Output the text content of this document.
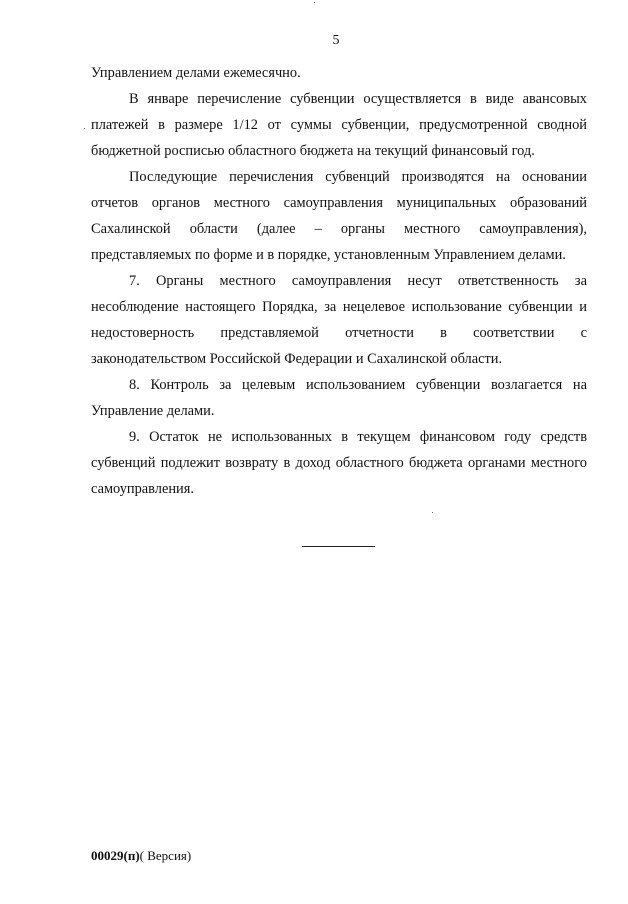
5

Управлением делами ежемесячно.

В январе перечисление субвенции осуществляется в виде авансовых платежей в размере 1/12 от суммы субвенции, предусмотренной сводной бюджетной росписью областного бюджета на текущий финансовый год.

Последующие перечисления субвенций производятся на основании отчетов органов местного самоуправления муниципальных образований Сахалинской области (далее – органы местного самоуправления), представляемых по форме и в порядке, установленным Управлением делами.

7. Органы местного самоуправления несут ответственность за несоблюдение настоящего Порядка, за нецелевое использование субвенции и недостоверность представляемой отчетности в соответствии с законодательством Российской Федерации и Сахалинской области.

8. Контроль за целевым использованием субвенции возлагается на Управление делами.

9. Остаток не использованных в текущем финансовом году средств субвенций подлежит возврату в доход областного бюджета органами местного самоуправления.

00029(п)( Версия)
